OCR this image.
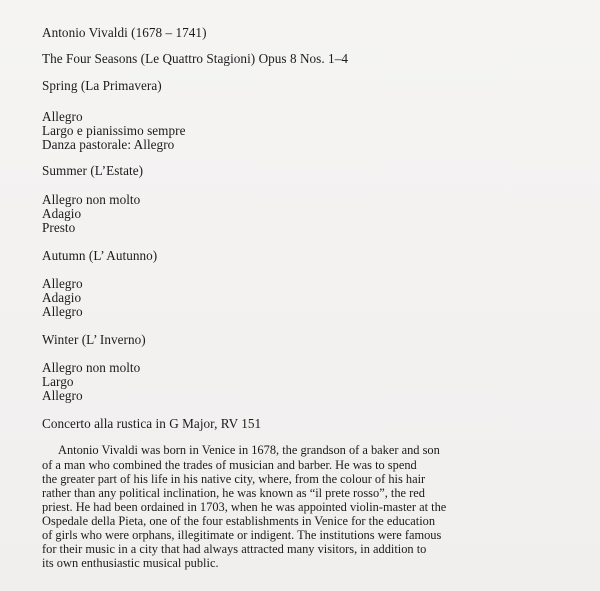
Antonio Vivaldi (1678 – 1741)
The Four Seasons (Le Quattro Stagioni) Opus 8 Nos. 1–4
Spring (La Primavera)
Allegro
Largo e pianissimo sempre
Danza pastorale: Allegro
Summer (L’Estate)
Allegro non molto
Adagio
Presto
Autumn (L’ Autunno)
Allegro
Adagio
Allegro
Winter (L’ Inverno)
Allegro non molto
Largo
Allegro
Concerto alla rustica in G Major, RV 151
Antonio Vivaldi was born in Venice in 1678, the grandson of a baker and son
of a man who combined the trades of musician and barber. He was to spend
the greater part of his life in his native city, where, from the colour of his hair
rather than any political inclination, he was known as “il prete rosso”, the red
priest. He had been ordained in 1703, when he was appointed violin-master at the
Ospedale della Pieta, one of the four establishments in Venice for the education
of girls who were orphans, illegitimate or indigent. The institutions were famous
for their music in a city that had always attracted many visitors, in addition to
its own enthusiastic musical public.
